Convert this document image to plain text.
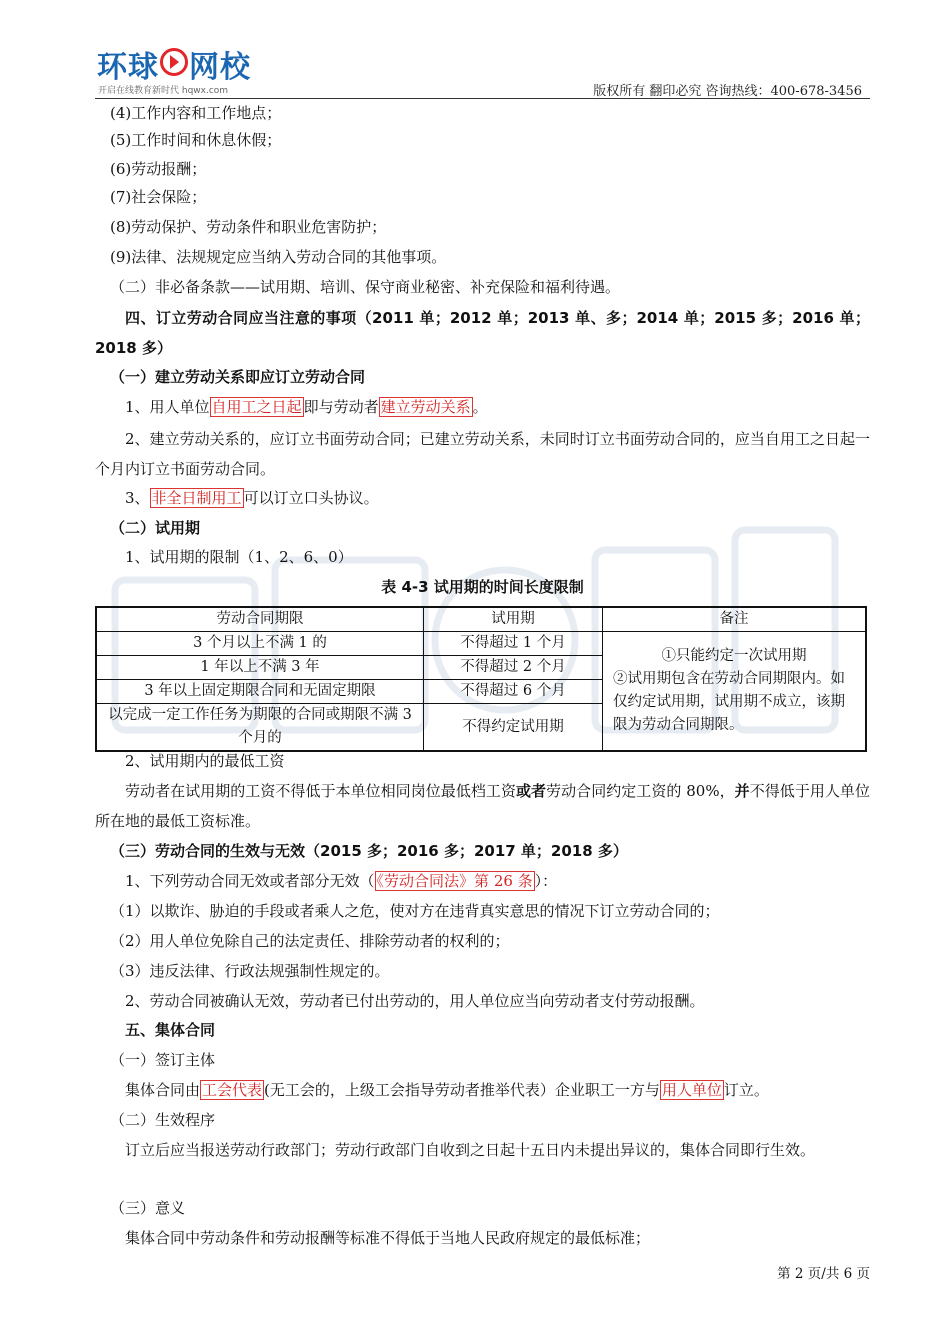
环球 网校
开启在线教育新时代 hqwx.com	版权所有 翻印必究 咨询热线：400-678-3456
(4)工作内容和工作地点；
(5)工作时间和休息休假；
(6)劳动报酬；
(7)社会保险；
(8)劳动保护、劳动条件和职业危害防护；
(9)法律、法规规定应当纳入劳动合同的其他事项。
（二）非必备条款——试用期、培训、保守商业秘密、补充保险和福利待遇。
四、订立劳动合同应当注意的事项（2011 单；2012 单；2013 单、多；2014 单；2015 多；2016 单；2018 多）
（一）建立劳动关系即应订立劳动合同
1、用人单位 自用工之日起 即与劳动者 建立劳动关系 。
2、建立劳动关系的，应订立书面劳动合同；已建立劳动关系，未同时订立书面劳动合同的，应当自用工之日起一个月内订立书面劳动合同。
3、 非全日制用工 可以订立口头协议。
（二）试用期
1、试用期的限制（1、2、6、0）
表 4-3 试用期的时间长度限制
劳动合同期限	试用期	备注
3 个月以上不满 1 的	不得超过 1 个月	①只能约定一次试用期
②试用期包含在劳动合同期限内。如仅约定试用期，试用期不成立，该期限为劳动合同期限。

1 年以上不满 3 年	不得超过 2 个月	
3 年以上固定期限合同和无固定期限	不得超过 6 个月	
以完成一定工作任务为期限的合同或期限不满 3 个月的	不得约定试用期	
2、试用期内的最低工资
劳动者在试用期的工资不得低于本单位相同岗位最低档工资或者劳动合同约定工资的 80%，并不得低于用人单位所在地的最低工资标准。
（三）劳动合同的生效与无效（2015 多；2016 多；2017 单；2018 多）
1、下列劳动合同无效或者部分无效（ 《劳动合同法》第 26 条 ）：
（1）以欺诈、胁迫的手段或者乘人之危，使对方在违背真实意思的情况下订立劳动合同的；
（2）用人单位免除自己的法定责任、排除劳动者的权利的；
（3）违反法律、行政法规强制性规定的。
2、劳动合同被确认无效，劳动者已付出劳动的，用人单位应当向劳动者支付劳动报酬。
五、集体合同
（一）签订主体
集体合同由 工会代表 (无工会的，上级工会指导劳动者推举代表）企业职工一方与 用人单位 订立。
（二）生效程序
订立后应当报送劳动行政部门；劳动行政部门自收到之日起十五日内未提出异议的，集体合同即行生效。
（三）意义
集体合同中劳动条件和劳动报酬等标准不得低于当地人民政府规定的最低标准；
第 2 页/共 6 页
